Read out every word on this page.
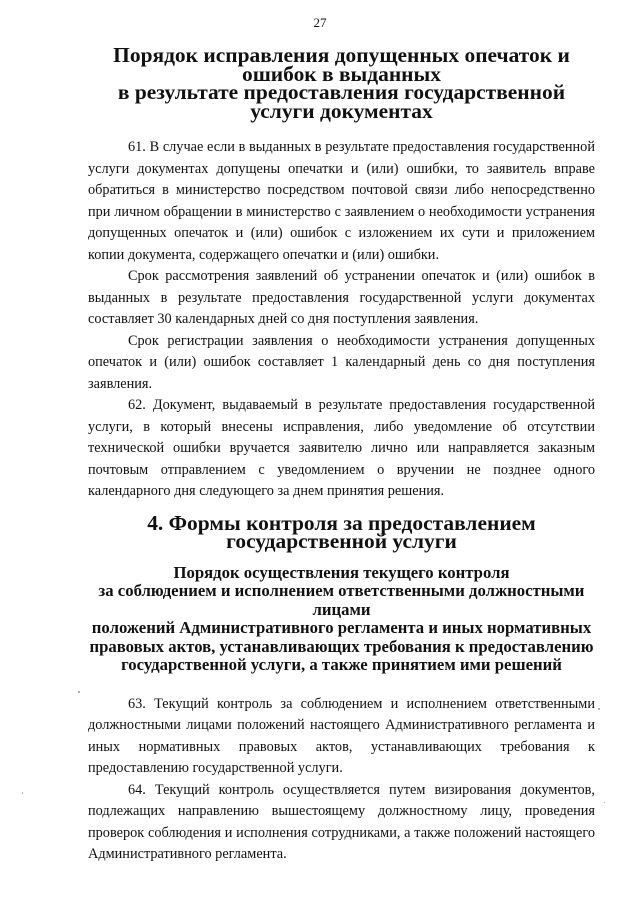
27
Порядок исправления допущенных опечаток и ошибок в выданных
в результате предоставления государственной услуги документах

61. В случае если в выданных в результате предоставления государственной услуги документах допущены опечатки и (или) ошибки, то заявитель вправе обратиться в министерство посредством почтовой связи либо непосредственно при личном обращении в министерство с заявлением о необходимости устранения допущенных опечаток и (или) ошибок с изложением их сути и приложением копии документа, содержащего опечатки и (или) ошибки.

Срок рассмотрения заявлений об устранении опечаток и (или) ошибок в выданных в результате предоставления государственной услуги документах составляет 30 календарных дней со дня поступления заявления.

Срок регистрации заявления о необходимости устранения допущенных опечаток и (или) ошибок составляет 1 календарный день со дня поступления заявления.

62. Документ, выдаваемый в результате предоставления государственной услуги, в который внесены исправления, либо уведомление об отсутствии технической ошибки вручается заявителю лично или направляется заказным почтовым отправлением с уведомлением о вручении не позднее одного календарного дня следующего за днем принятия решения.

4. Формы контроля за предоставлением
государственной услуги
Порядок осуществления текущего контроля
за соблюдением и исполнением ответственными должностными лицами
положений Административного регламента и иных нормативных
правовых актов, устанавливающих требования к предоставлению
государственной услуги, а также принятием ими решений

63. Текущий контроль за соблюдением и исполнением ответственными должностными лицами положений настоящего Административного регламента и иных нормативных правовых актов, устанавливающих требования к предоставлению государственной услуги.

64. Текущий контроль осуществляется путем визирования документов, подлежащих направлению вышестоящему должностному лицу, проведения проверок соблюдения и исполнения сотрудниками, а также положений настоящего Административного регламента.
